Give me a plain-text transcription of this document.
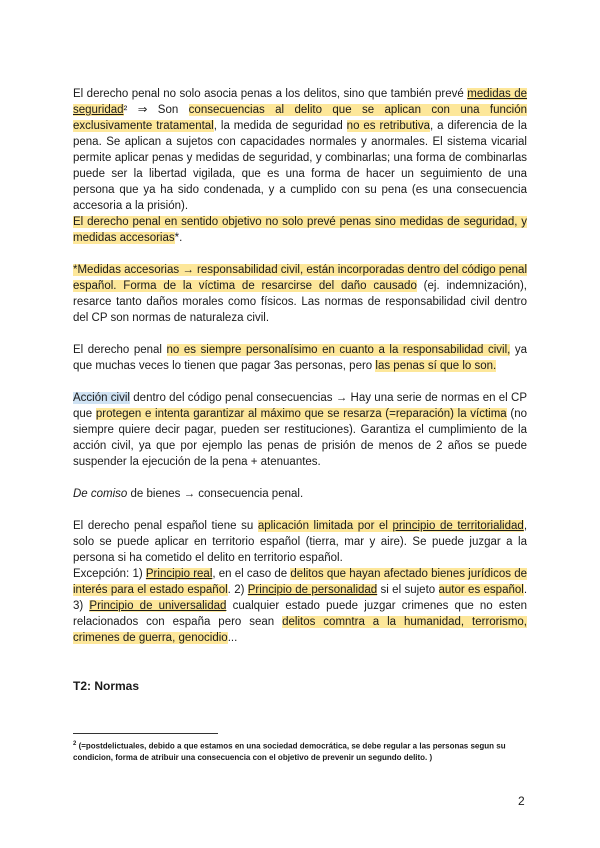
El derecho penal no solo asocia penas a los delitos, sino que también prevé medidas de seguridad² ⇒ Son consecuencias al delito que se aplican con una función exclusivamente tratamental, la medida de seguridad no es retributiva, a diferencia de la pena. Se aplican a sujetos con capacidades normales y anormales. El sistema vicarial permite aplicar penas y medidas de seguridad, y combinarlas; una forma de combinarlas puede ser la libertad vigilada, que es una forma de hacer un seguimiento de una persona que ya ha sido condenada, y a cumplido con su pena (es una consecuencia accesoria a la prisión).
El derecho penal en sentido objetivo no solo prevé penas sino medidas de seguridad, y medidas accesorias*.

*Medidas accesorias → responsabilidad civil, están incorporadas dentro del código penal español. Forma de la víctima de resarcirse del daño causado (ej. indemnización), resarce tanto daños morales como físicos. Las normas de responsabilidad civil dentro del CP son normas de naturaleza civil.

El derecho penal no es siempre personalísimo en cuanto a la responsabilidad civil, ya que muchas veces lo tienen que pagar 3as personas, pero las penas sí que lo son.

Acción civil dentro del código penal consecuencias → Hay una serie de normas en el CP que protegen e intenta garantizar al máximo que se resarza (=reparación) la víctima (no siempre quiere decir pagar, pueden ser restituciones). Garantiza el cumplimiento de la acción civil, ya que por ejemplo las penas de prisión de menos de 2 años se puede suspender la ejecución de la pena + atenuantes.

De comiso de bienes → consecuencia penal.

El derecho penal español tiene su aplicación limitada por el principio de territorialidad, solo se puede aplicar en territorio español (tierra, mar y aire). Se puede juzgar a la persona si ha cometido el delito en territorio español.
Excepción: 1) Principio real, en el caso de delitos que hayan afectado bienes jurídicos de interés para el estado español. 2) Principio de personalidad si el sujeto autor es español. 3) Principio de universalidad cualquier estado puede juzgar crimenes que no esten relacionados con españa pero sean delitos comntra a la humanidad, terrorismo, crimenes de guerra, genocidio...

T2: Normas

$^2$ (=postdelictuales, debido a que estamos en una sociedad democrática, se debe regular a las personas segun su condicion, forma de atribuir una consecuencia con el objetivo de prevenir un segundo delito. )
2
